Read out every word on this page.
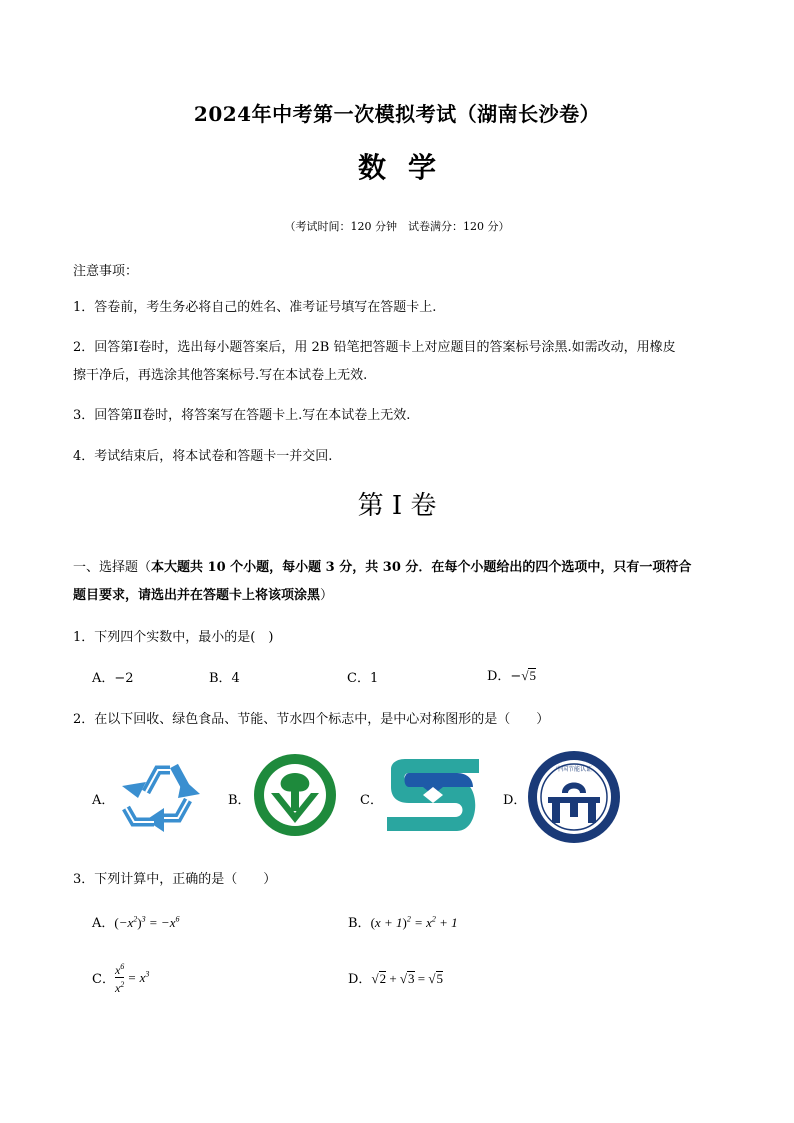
2024年中考第一次模拟考试（湖南长沙卷）
数学
（考试时间：120 分钟　试卷满分：120 分）
注意事项：
1．答卷前，考生务必将自己的姓名、准考证号填写在答题卡上.
2．回答第Ⅰ卷时，选出每小题答案后，用 2B 铅笔把答题卡上对应题目的答案标号涂黑.如需改动，用橡皮
擦干净后，再选涂其他答案标号.写在本试卷上无效.
3．回答第Ⅱ卷时，将答案写在答题卡上.写在本试卷上无效.
4．考试结束后，将本试卷和答题卡一并交回.
第 I 卷
一、选择题（本大题共 10 个小题，每小题 3 分，共 30 分．在每个小题给出的四个选项中，只有一项符合
题目要求，请选出并在答题卡上将该项涂黑）
1．下列四个实数中，最小的是(　)
A．−2	B．4	C．1	D．−√5
2．在以下回收、绿色食品、节能、节水四个标志中，是中心对称图形的是（　　）
A．	B．	C．	D．
中国节能认证
3．下列计算中，正确的是（　　）
A．$(-x^2)^3 = -x^6$	B．$(x + 1)^2 = x^2 + 1$
C． $\frac{x^6}{x^2} = x^3$	D．√2 + √3 = √5
